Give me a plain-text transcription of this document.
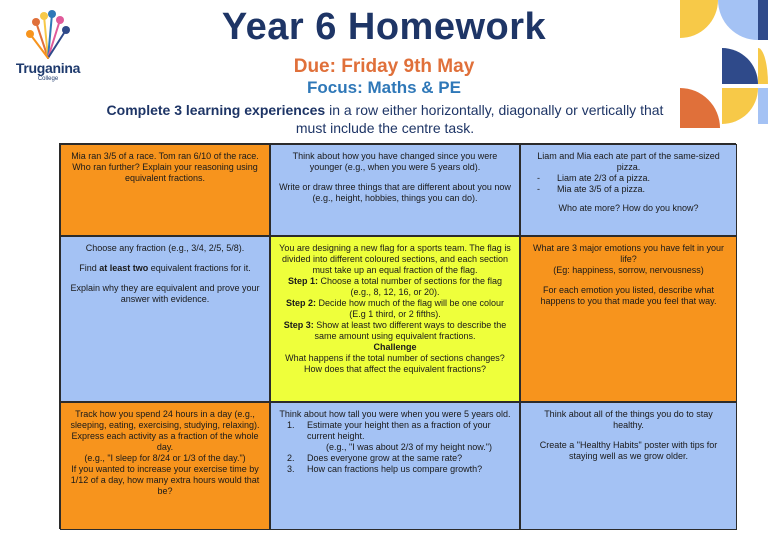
Truganina
College
Year 6 Homework
Due: Friday 9th May
Focus: Maths & PE
Complete 3 learning experiences in a row either horizontally, diagonally or vertically that must include the centre task.

Mia ran 3/5 of a race. Tom ran 6/10 of the race. Who ran further? Explain your reasoning using equivalent fractions.

Think about how you have changed since you were younger (e.g., when you were 5 years old).

Write or draw three things that are different about you now (e.g., height, hobbies, things you can do).

Liam and Mia each ate part of the same-sized pizza.

- Liam ate 2/3 of a pizza.
- Mia ate 3/5 of a pizza.

Who ate more? How do you know?

Choose any fraction (e.g., 3/4, 2/5, 5/8).

Find at least two equivalent fractions for it.

Explain why they are equivalent and prove your answer with evidence.

You are designing a new flag for a sports team. The flag is divided into different coloured sections, and each section must take up an equal fraction of the flag.

Step 1: Choose a total number of sections for the flag (e.g., 8, 12, 16, or 20).

Step 2: Decide how much of the flag will be one colour (E.g 1 third, or 2 fifths).

Step 3: Show at least two different ways to describe the same amount using equivalent fractions.

Challenge

What happens if the total number of sections changes? How does that affect the equivalent fractions?

What are 3 major emotions you have felt in your life?

(Eg: happiness, sorrow, nervousness)

For each emotion you listed, describe what happens to you that made you feel that way.

Track how you spend 24 hours in a day (e.g., sleeping, eating, exercising, studying, relaxing).

Express each activity as a fraction of the whole day.

(e.g., "I sleep for 8/24 or 1/3 of the day.")

If you wanted to increase your exercise time by 1/12 of a day, how many extra hours would that be?

Think about how tall you were when you were 5 years old.

1. Estimate your height then as a fraction of your current height.
(e.g., "I was about 2/3 of my height now.")
2. Does everyone grow at the same rate?
3. How can fractions help us compare growth?

Think about all of the things you do to stay healthy.

Create a "Healthy Habits" poster with tips for staying well as we grow older.
